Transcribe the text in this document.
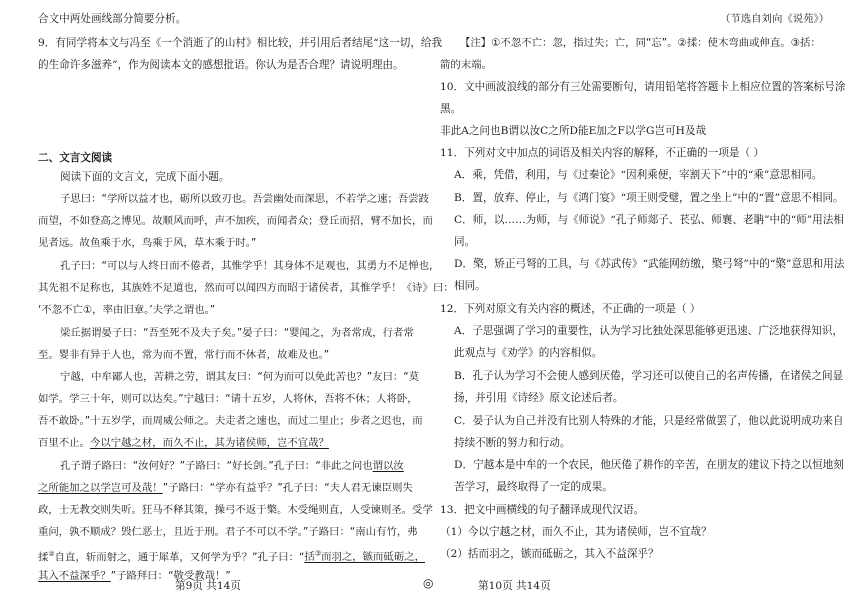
合文中两处画线部分简要分析。
9．有同学将本文与冯至《一个消逝了的山村》相比较，并引用后者结尾“这一切，给我
的生命许多滋养”，作为阅读本文的感想批语。你认为是否合理？请说明理由。
二、文言文阅读
阅读下面的文言文，完成下面小题。
子思曰：“学所以益才也，砺所以致刃也。吾尝幽处而深思，不若学之速；吾尝跂
而望，不如登高之博见。故顺风而呼，声不加疾，而闻者众；登丘而招，臂不加长，而
见者远。故鱼乘于水，鸟乘于风，草木乘于时。”
孔子曰：“可以与人终日而不倦者，其惟学乎！其身体不足观也，其勇力不足惮也，
其先祖不足称也，其族姓不足道也，然而可以闻四方而昭于诸侯者，其惟学乎！《诗》曰：
‘不忽不亡①，率由旧章。’夫学之谓也。”
梁丘据谓晏子曰：“吾至死不及夫子矣。”晏子曰：“婴闻之，为者常成，行者常
至。婴非有异于人也，常为而不置，常行而不休者，故难及也。”
宁越，中牟鄙人也，苦耕之劳，谓其友曰：“何为而可以免此苦也？”友曰：“莫
如学。学三十年，则可以达矣。”宁越曰：“请十五岁，人将休，吾将不休；人将卧，
吾不敢卧。”十五岁学，而周威公师之。夫走者之速也，而过二里止；步者之迟也，而
百里不止。今以宁越之材，而久不止，其为诸侯师，岂不宜哉？
孔子谓子路曰：“汝何好？”子路曰：“好长剑。”孔子曰：“非此之问也谓以汝
之所能加之以学岂可及哉！”子路曰：“学亦有益乎？”孔子曰：“夫人君无谏臣则失
政，士无教交则失听。狂马不释其策，操弓不返于檠。木受绳则直，人受谏则圣。受学
重问，孰不顺成？毁仁恶士，且近于刑。君子不可以不学。”子路曰：“南山有竹，弗
揉②自直，斩而射之，通于犀革，又何学为乎？”孔子曰：“括③而羽之，镞而砥砺之，
其入不益深乎？”子路拜曰：“敬受教哉！”
第9页 共14页	◎
（节选自刘向《说苑》）
【注】①不忽不亡：忽，指过失；亡，同“忘”。②揉：使木弯曲或伸直。③括：
箭的末端。
10．文中画波浪线的部分有三处需要断句，请用铅笔将答题卡上相应位置的答案标号涂
黑。
非此A之问也B谓以汝C之所D能E加之F以学G岂可H及哉
11．下列对文中加点的词语及相关内容的解释，不正确的一项是（ ）
A．乘，凭借，利用，与《过秦论》“因利乘便，宰割天下”中的“乘”意思相同。
B．置，放弃、停止，与《鸿门宴》“项王则受璧，置之坐上”中的“置”意思不相同。
C．师，以……为师，与《师说》“孔子师郯子、苌弘、师襄、老聃”中的“师”用法相
同。
D．檠，矫正弓弩的工具，与《苏武传》“武能网纺缴，檠弓弩”中的“檠”意思和用法
相同。
12．下列对原文有关内容的概述，不正确的一项是（ ）
A．子思强调了学习的重要性，认为学习比独处深思能够更迅速、广泛地获得知识，
此观点与《劝学》的内容相似。
B．孔子认为学习不会使人感到厌倦，学习还可以使自己的名声传播，在诸侯之间显
扬，并引用《诗经》原文论述后者。
C．晏子认为自己并没有比别人特殊的才能，只是经常做罢了，他以此说明成功来自
持续不断的努力和行动。
D．宁越本是中牟的一个农民，他厌倦了耕作的辛苦，在朋友的建议下持之以恒地刻
苦学习，最终取得了一定的成果。
13．把文中画横线的句子翻译成现代汉语。
（1）今以宁越之材，而久不止，其为诸侯师，岂不宜哉？
（2）括而羽之，镞而砥砺之，其入不益深乎？
第10页 共14页
